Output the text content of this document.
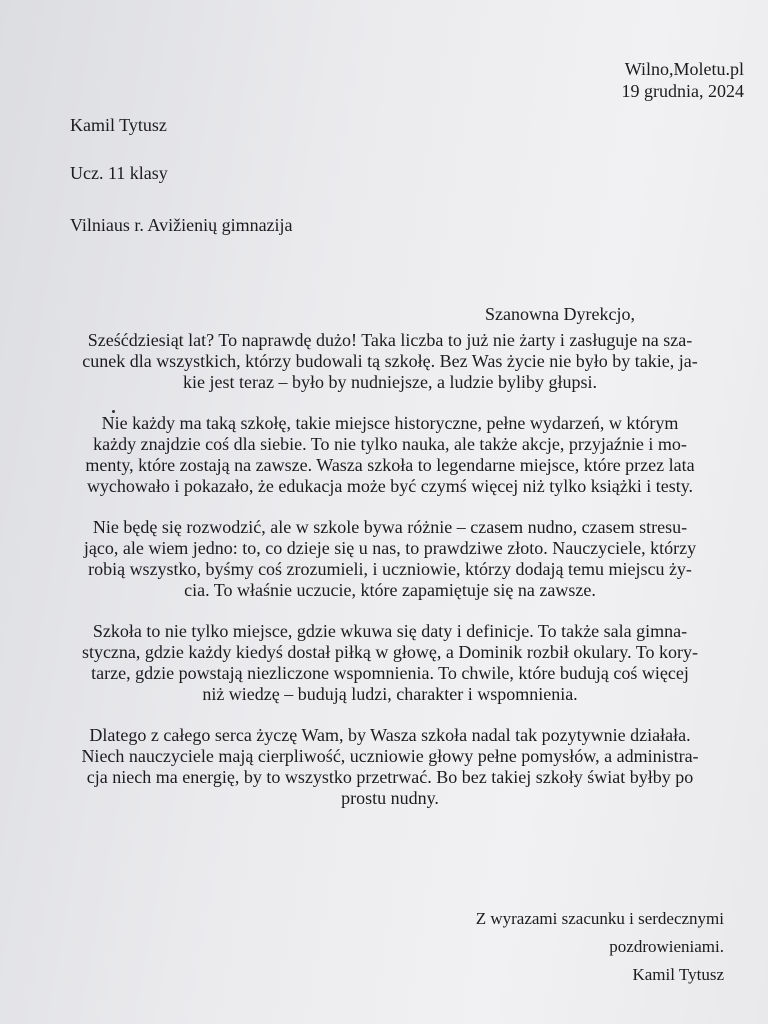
Wilno,Moletu.pl
19 grudnia, 2024
Kamil Tytusz
Ucz. 11 klasy
Vilniaus r. Avižienių gimnazija
Szanowna Dyrekcjo,
Sześćdziesiąt lat? To naprawdę dużo! Taka liczba to już nie żarty i zasługuje na sza-
cunek dla wszystkich, którzy budowali tą szkołę. Bez Was życie nie było by takie, ja-
kie jest teraz – było by nudniejsze, a ludzie byliby głupsi.
Nie każdy ma taką szkołę, takie miejsce historyczne, pełne wydarzeń, w którym
każdy znajdzie coś dla siebie. To nie tylko nauka, ale także akcje, przyjaźnie i mo-
menty, które zostają na zawsze. Wasza szkoła to legendarne miejsce, które przez lata
wychowało i pokazało, że edukacja może być czymś więcej niż tylko książki i testy.
Nie będę się rozwodzić, ale w szkole bywa różnie – czasem nudno, czasem stresu-
jąco, ale wiem jedno: to, co dzieje się u nas, to prawdziwe złoto. Nauczyciele, którzy
robią wszystko, byśmy coś zrozumieli, i uczniowie, którzy dodają temu miejscu ży-
cia. To właśnie uczucie, które zapamiętuje się na zawsze.
Szkoła to nie tylko miejsce, gdzie wkuwa się daty i definicje. To także sala gimna-
styczna, gdzie każdy kiedyś dostał piłką w głowę, a Dominik rozbił okulary. To kory-
tarze, gdzie powstają niezliczone wspomnienia. To chwile, które budują coś więcej
niż wiedzę – budują ludzi, charakter i wspomnienia.
Dlatego z całego serca życzę Wam, by Wasza szkoła nadal tak pozytywnie działała.
Niech nauczyciele mają cierpliwość, uczniowie głowy pełne pomysłów, a administra-
cja niech ma energię, by to wszystko przetrwać. Bo bez takiej szkoły świat byłby po
prostu nudny.
Z wyrazami szacunku i serdecznymi
pozdrowieniami.
Kamil Tytusz
